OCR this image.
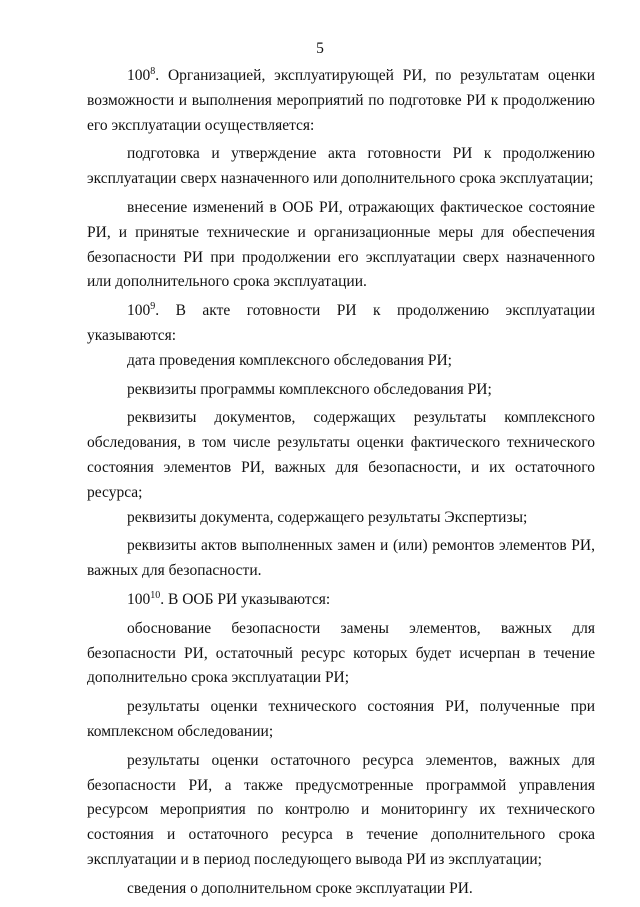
5

$100^8$. Организацией, эксплуатирующей РИ, по результатам оценки возможности и выполнения мероприятий по подготовке РИ к продолжению его эксплуатации осуществляется:

подготовка и утверждение акта готовности РИ к продолжению эксплуатации сверх назначенного или дополнительного срока эксплуатации;

внесение изменений в ООБ РИ, отражающих фактическое состояние РИ, и принятые технические и организационные меры для обеспечения безопасности РИ при продолжении его эксплуатации сверх назначенного или дополнительного срока эксплуатации.

$100^9$. В акте готовности РИ к продолжению эксплуатации указываются:

дата проведения комплексного обследования РИ;

реквизиты программы комплексного обследования РИ;

реквизиты документов, содержащих результаты комплексного обследования, в том числе результаты оценки фактического технического состояния элементов РИ, важных для безопасности, и их остаточного ресурса;

реквизиты документа, содержащего результаты Экспертизы;

реквизиты актов выполненных замен и (или) ремонтов элементов РИ, важных для безопасности.

$100^{10}$. В ООБ РИ указываются:

обоснование безопасности замены элементов, важных для безопасности РИ, остаточный ресурс которых будет исчерпан в течение дополнительно срока эксплуатации РИ;

результаты оценки технического состояния РИ, полученные при комплексном обследовании;

результаты оценки остаточного ресурса элементов, важных для безопасности РИ, а также предусмотренные программой управления ресурсом мероприятия по контролю и мониторингу их технического состояния и остаточного ресурса в течение дополнительного срока эксплуатации и в период последующего вывода РИ из эксплуатации;

сведения о дополнительном сроке эксплуатации РИ.
